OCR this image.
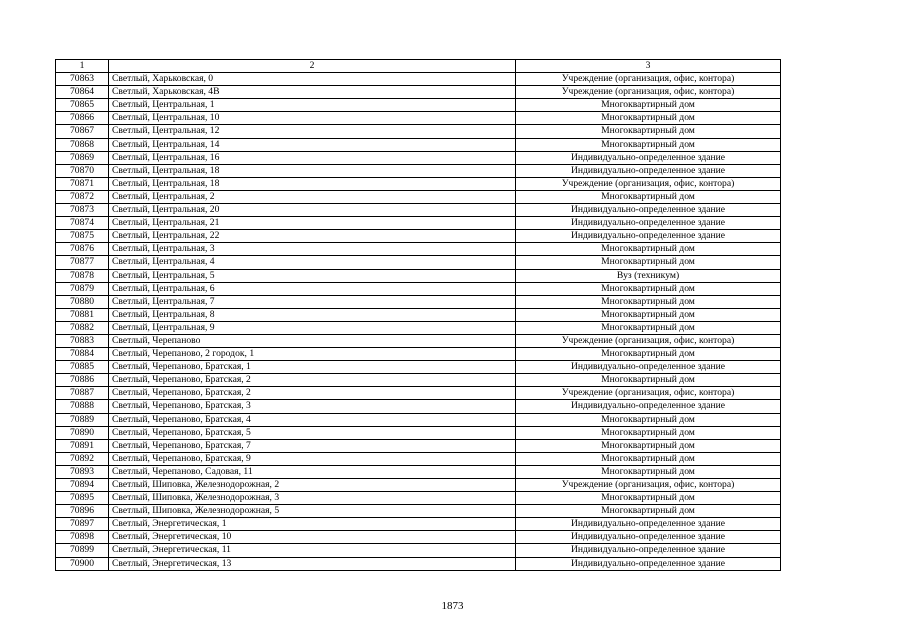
1	2	3
70863	Светлый, Харьковская, 0	Учреждение (организация, офис, контора)
70864	Светлый, Харьковская, 4В	Учреждение (организация, офис, контора)
70865	Светлый, Центральная, 1	Многоквартирный дом
70866	Светлый, Центральная, 10	Многоквартирный дом
70867	Светлый, Центральная, 12	Многоквартирный дом
70868	Светлый, Центральная, 14	Многоквартирный дом
70869	Светлый, Центральная, 16	Индивидуально-определенное здание
70870	Светлый, Центральная, 18	Индивидуально-определенное здание
70871	Светлый, Центральная, 18	Учреждение (организация, офис, контора)
70872	Светлый, Центральная, 2	Многоквартирный дом
70873	Светлый, Центральная, 20	Индивидуально-определенное здание
70874	Светлый, Центральная, 21	Индивидуально-определенное здание
70875	Светлый, Центральная, 22	Индивидуально-определенное здание
70876	Светлый, Центральная, 3	Многоквартирный дом
70877	Светлый, Центральная, 4	Многоквартирный дом
70878	Светлый, Центральная, 5	Вуз (техникум)
70879	Светлый, Центральная, 6	Многоквартирный дом
70880	Светлый, Центральная, 7	Многоквартирный дом
70881	Светлый, Центральная, 8	Многоквартирный дом
70882	Светлый, Центральная, 9	Многоквартирный дом
70883	Светлый, Черепаново	Учреждение (организация, офис, контора)
70884	Светлый, Черепаново, 2 городок, 1	Многоквартирный дом
70885	Светлый, Черепаново, Братская, 1	Индивидуально-определенное здание
70886	Светлый, Черепаново, Братская, 2	Многоквартирный дом
70887	Светлый, Черепаново, Братская, 2	Учреждение (организация, офис, контора)
70888	Светлый, Черепаново, Братская, 3	Индивидуально-определенное здание
70889	Светлый, Черепаново, Братская, 4	Многоквартирный дом
70890	Светлый, Черепаново, Братская, 5	Многоквартирный дом
70891	Светлый, Черепаново, Братская, 7	Многоквартирный дом
70892	Светлый, Черепаново, Братская, 9	Многоквартирный дом
70893	Светлый, Черепаново, Садовая, 11	Многоквартирный дом
70894	Светлый, Шиповка, Железнодорожная, 2	Учреждение (организация, офис, контора)
70895	Светлый, Шиповка, Железнодорожная, 3	Многоквартирный дом
70896	Светлый, Шиповка, Железнодорожная, 5	Многоквартирный дом
70897	Светлый, Энергетическая, 1	Индивидуально-определенное здание
70898	Светлый, Энергетическая, 10	Индивидуально-определенное здание
70899	Светлый, Энергетическая, 11	Индивидуально-определенное здание
70900	Светлый, Энергетическая, 13	Индивидуально-определенное здание
1873
